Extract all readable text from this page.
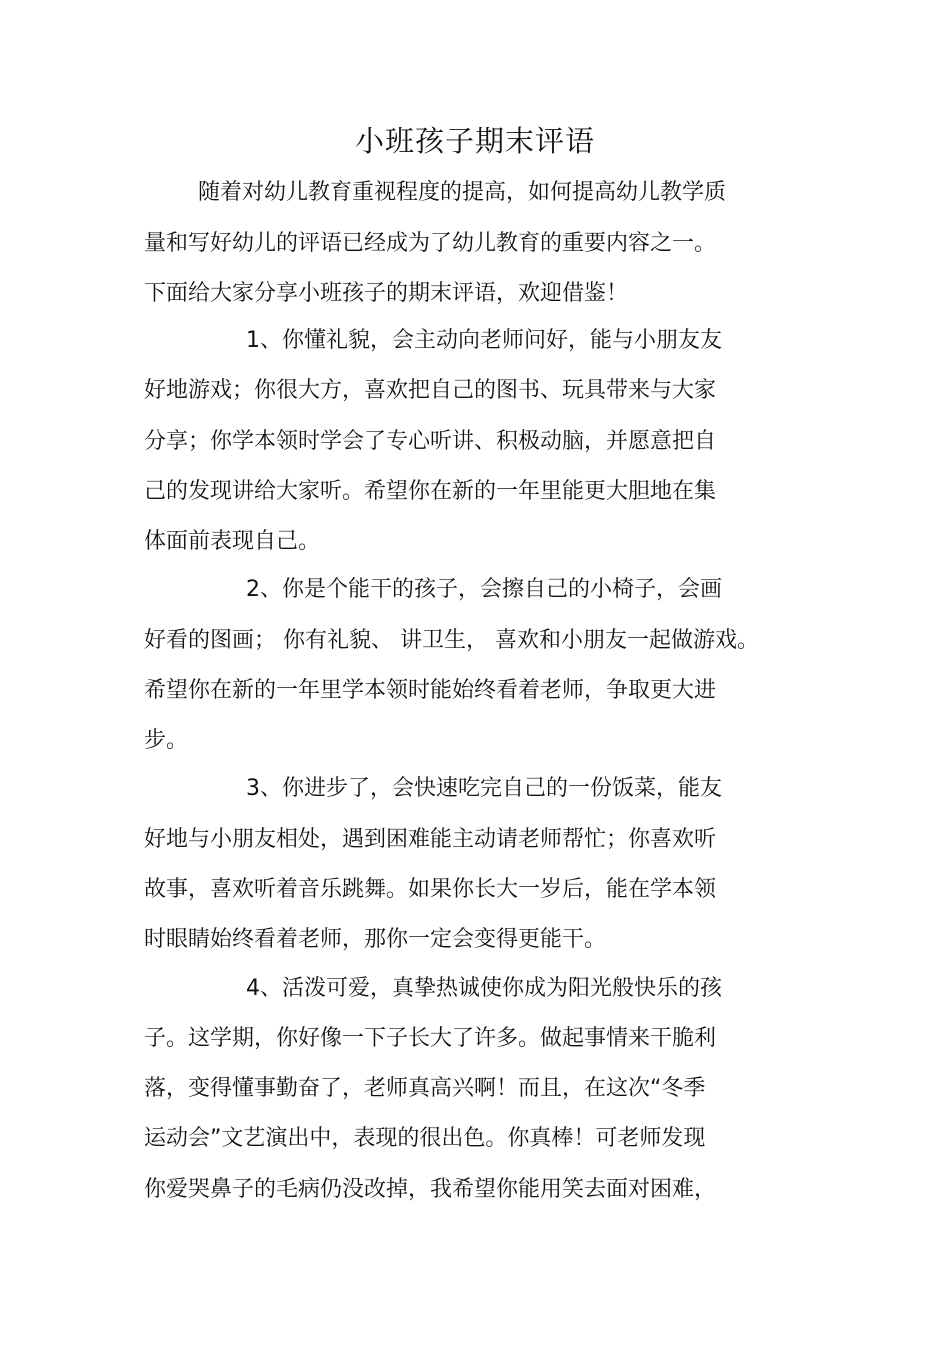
小班孩子期末评语
随着对幼儿教育重视程度的提高，如何提高幼儿教学质
量和写好幼儿的评语已经成为了幼儿教育的重要内容之一。
下面给大家分享小班孩子的期末评语，欢迎借鉴！
1、你懂礼貌，会主动向老师问好，能与小朋友友
好地游戏；你很大方，喜欢把自己的图书、玩具带来与大家
分享；你学本领时学会了专心听讲、积极动脑，并愿意把自
己的发现讲给大家听。希望你在新的一年里能更大胆地在集
体面前表现自己。
2、你是个能干的孩子，会擦自己的小椅子，会画
好看的图画； 你有礼貌、 讲卫生， 喜欢和小朋友一起做游戏。
希望你在新的一年里学本领时能始终看着老师，争取更大进
步。
3、你进步了，会快速吃完自己的一份饭菜，能友
好地与小朋友相处，遇到困难能主动请老师帮忙；你喜欢听
故事，喜欢听着音乐跳舞。如果你长大一岁后，能在学本领
时眼睛始终看着老师，那你一定会变得更能干。
4、活泼可爱，真挚热诚使你成为阳光般快乐的孩
子。这学期，你好像一下子长大了许多。做起事情来干脆利
落，变得懂事勤奋了，老师真高兴啊！而且，在这次“冬季
运动会”文艺演出中，表现的很出色。你真棒！可老师发现
你爱哭鼻子的毛病仍没改掉，我希望你能用笑去面对困难，
